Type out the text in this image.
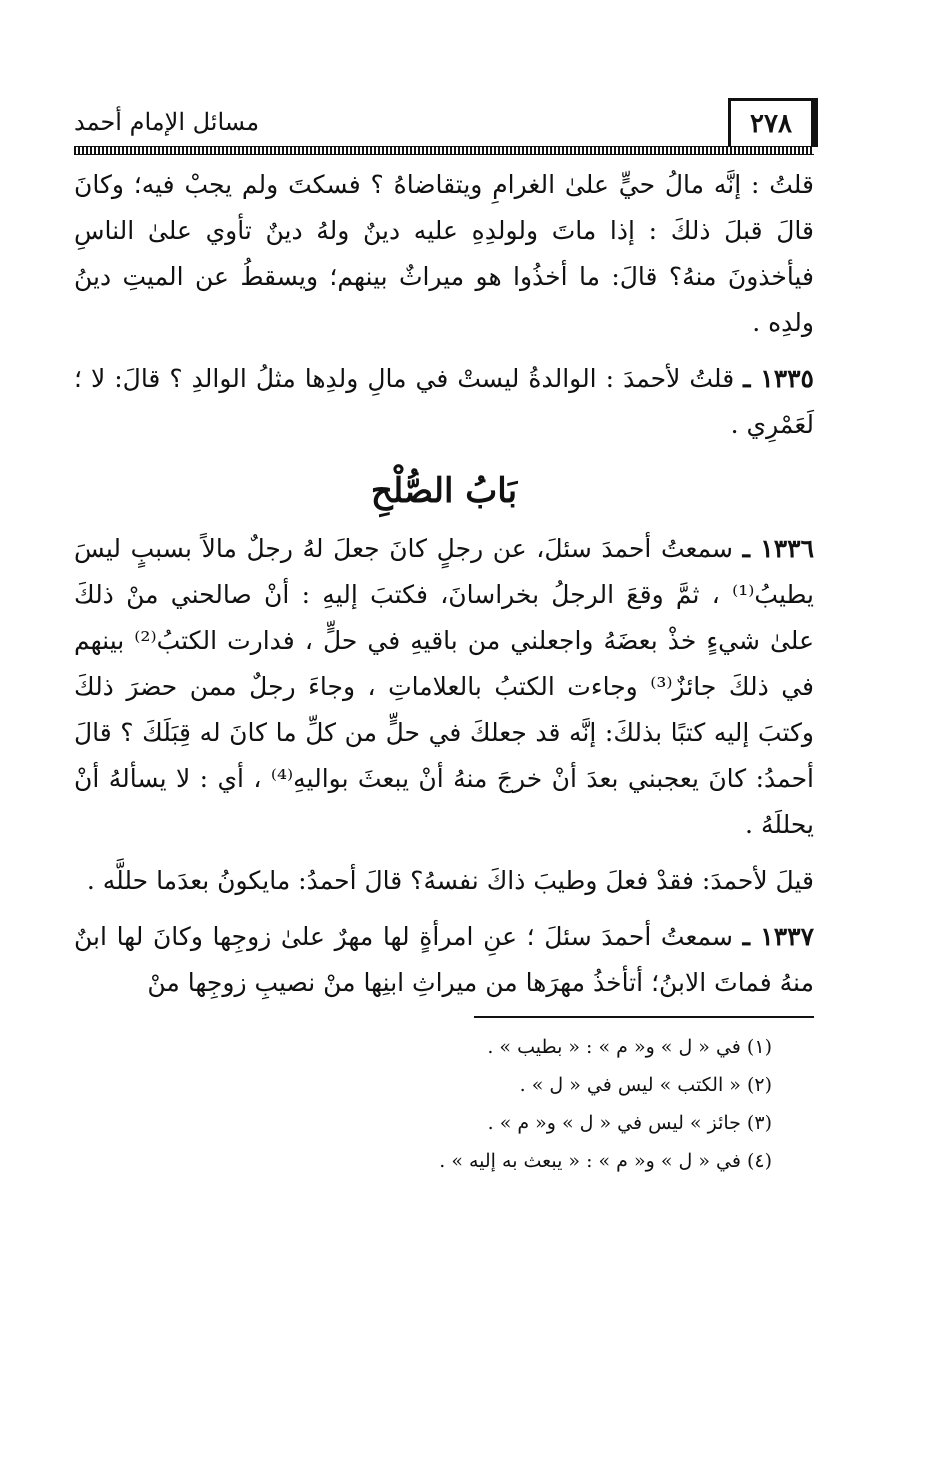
٢٧٨
مسائل الإمام أحمد

قلتُ : إنَّه مالُ حيٍّ علىٰ الغرامِ ويتقاضاهُ ؟ فسكتَ ولم يجبْ فيه؛ وكانَ قالَ قبلَ ذلكَ : إذا ماتَ ولولدِهِ عليه دينٌ ولهُ دينٌ تأوي علىٰ الناسِ فيأخذونَ منهُ؟ قالَ: ما أخذُوا هو ميراثٌ بينهم؛ ويسقطُ عن الميتِ دينُ ولدِه .

١٣٣٥ ـ قلتُ لأحمدَ : الوالدةُ ليستْ في مالِ ولدِها مثلُ الوالدِ ؟ قالَ: لا ؛ لَعَمْرِي .

بَابُ الصُّلْحِ

١٣٣٦ ـ سمعتُ أحمدَ سئلَ، عن رجلٍ كانَ جعلَ لهُ رجلٌ مالاً بسببٍ ليسَ يطيبُ⁽¹⁾ ، ثمَّ وقعَ الرجلُ بخراسانَ، فكتبَ إليهِ : أنْ صالحني منْ ذلكَ علىٰ شيءٍ خذْ بعضَهُ واجعلني من باقيهِ في حلٍّ ، فدارت الكتبُ⁽²⁾ بينهم في ذلكَ جائزٌ⁽³⁾ وجاءت الكتبُ بالعلاماتِ ، وجاءَ رجلٌ ممن حضرَ ذلكَ وكتبَ إليه كتبًا بذلكَ: إنَّه قد جعلكَ في حلٍّ من كلِّ ما كانَ له قِبَلَكَ ؟ قالَ أحمدُ: كانَ يعجبني بعدَ أنْ خرجَ منهُ أنْ يبعثَ بواليهِ⁽⁴⁾ ، أي : لا يسألهُ أنْ يحللَهُ .

قيلَ لأحمدَ: فقدْ فعلَ وطيبَ ذاكَ نفسهُ؟ قالَ أحمدُ: مايكونُ بعدَما حللَّه .

١٣٣٧ ـ سمعتُ أحمدَ سئلَ ؛ عنِ امرأةٍ لها مهرٌ علىٰ زوجِها وكانَ لها ابنٌ منهُ فماتَ الابنُ؛ أتأخذُ مهرَها من ميراثِ ابنِها منْ نصيبِ زوجِها منْ

(١) في « ل » و« م » : « بطيب » .

(٢) « الكتب » ليس في « ل » .

(٣) جائز » ليس في « ل » و« م » .

(٤) في « ل » و« م » : « يبعث به إليه » .
